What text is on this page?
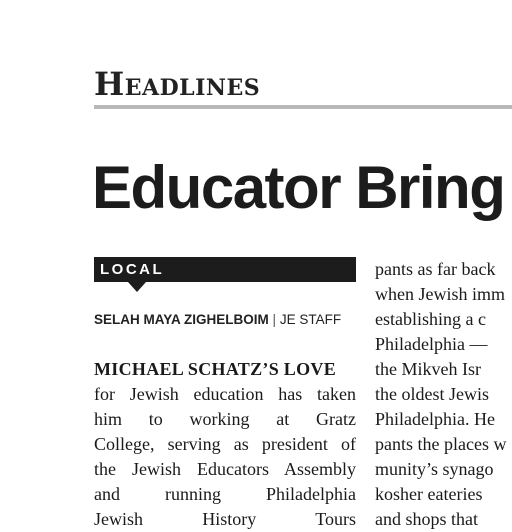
Headlines
Educator Bring
LOCAL
SELAH MAYA ZIGHELBOIM | JE STAFF
MICHAEL SCHATZ’S LOVE
for Jewish education has taken
him to working at Gratz
College, serving as president of
the Jewish Educators Assembly
and running Philadelphia
Jewish History Tours
pants as far back
when Jewish imm
establishing a c
Philadelphia —
the Mikveh Isr
the oldest Jewis
Philadelphia. He
pants the places w
munity’s synago
kosher eateries
and shops that
